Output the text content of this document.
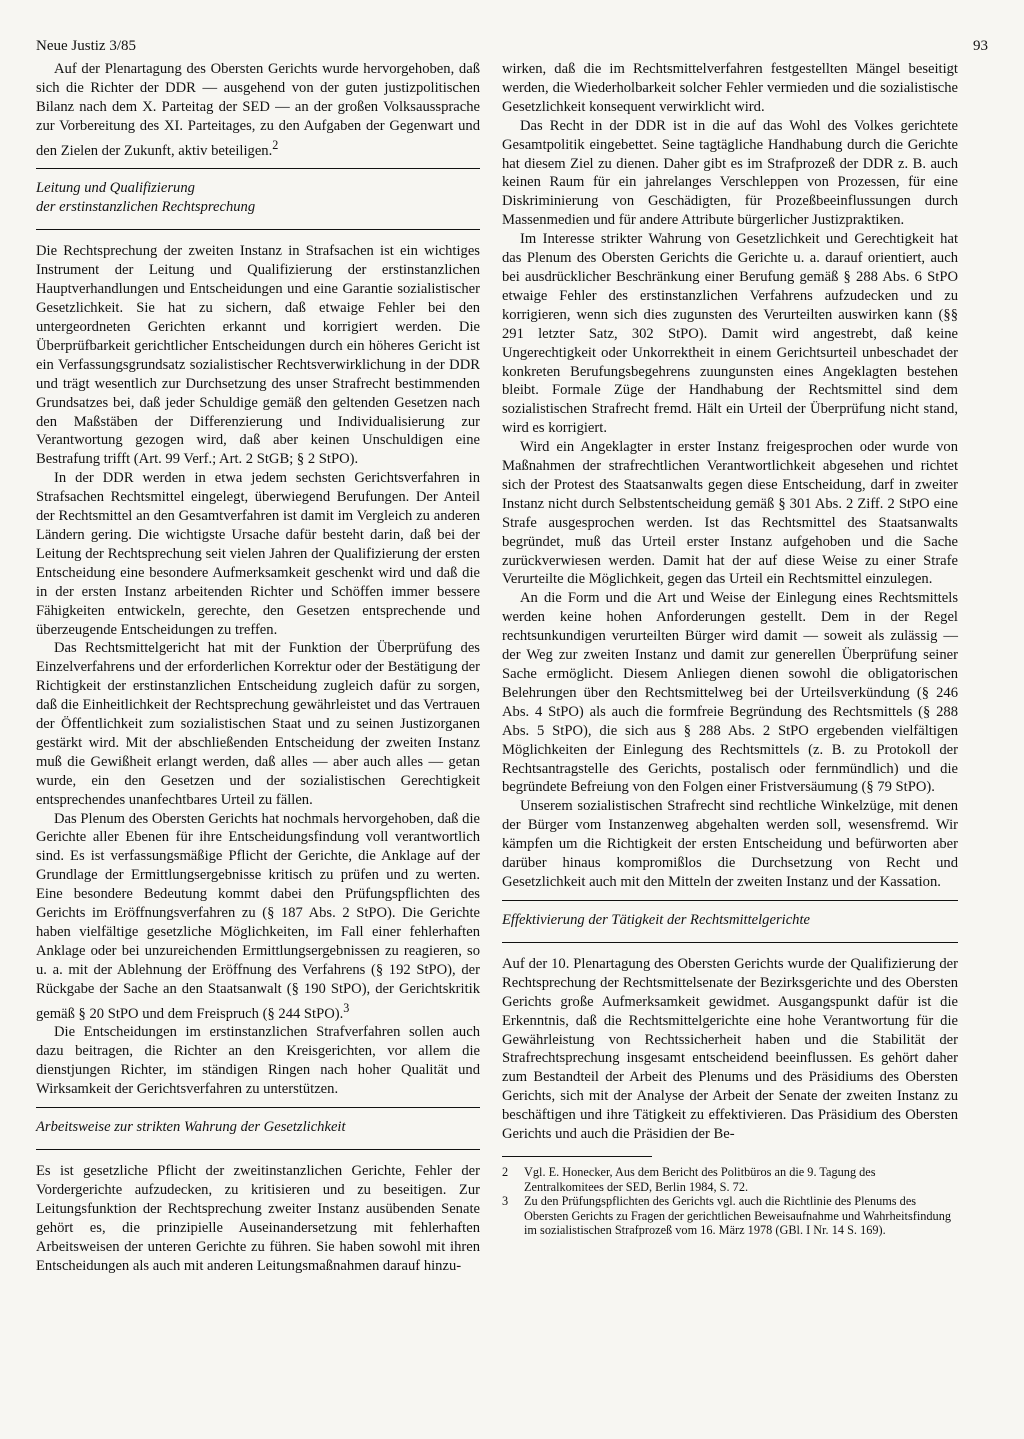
Neue Justiz 3/85	93

Auf der Plenartagung des Obersten Gerichts wurde hervorgehoben, daß sich die Richter der DDR — ausgehend von der guten justizpolitischen Bilanz nach dem X. Parteitag der SED — an der großen Volksaussprache zur Vorbereitung des XI. Parteitages, zu den Aufgaben der Gegenwart und den Zielen der Zukunft, aktiv beteiligen.$^2$

Leitung und Qualifizierung
der erstinstanzlichen Rechtsprechung

Die Rechtsprechung der zweiten Instanz in Strafsachen ist ein wichtiges Instrument der Leitung und Qualifizierung der erstinstanzlichen Hauptverhandlungen und Entscheidungen und eine Garantie sozialistischer Gesetzlichkeit. Sie hat zu sichern, daß etwaige Fehler bei den untergeordneten Gerichten erkannt und korrigiert werden. Die Überprüfbarkeit gerichtlicher Entscheidungen durch ein höheres Gericht ist ein Verfassungsgrundsatz sozialistischer Rechtsverwirklichung in der DDR und trägt wesentlich zur Durchsetzung des unser Strafrecht bestimmenden Grundsatzes bei, daß jeder Schuldige gemäß den geltenden Gesetzen nach den Maßstäben der Differenzierung und Individualisierung zur Verantwortung gezogen wird, daß aber keinen Unschuldigen eine Bestrafung trifft (Art. 99 Verf.; Art. 2 StGB; § 2 StPO).

In der DDR werden in etwa jedem sechsten Gerichtsverfahren in Strafsachen Rechtsmittel eingelegt, überwiegend Berufungen. Der Anteil der Rechtsmittel an den Gesamtverfahren ist damit im Vergleich zu anderen Ländern gering. Die wichtigste Ursache dafür besteht darin, daß bei der Leitung der Rechtsprechung seit vielen Jahren der Qualifizierung der ersten Entscheidung eine besondere Aufmerksamkeit geschenkt wird und daß die in der ersten Instanz arbeitenden Richter und Schöffen immer bessere Fähigkeiten entwickeln, gerechte, den Gesetzen entsprechende und überzeugende Entscheidungen zu treffen.

Das Rechtsmittelgericht hat mit der Funktion der Überprüfung des Einzelverfahrens und der erforderlichen Korrektur oder der Bestätigung der Richtigkeit der erstinstanzlichen Entscheidung zugleich dafür zu sorgen, daß die Einheitlichkeit der Rechtsprechung gewährleistet und das Vertrauen der Öffentlichkeit zum sozialistischen Staat und zu seinen Justizorganen gestärkt wird. Mit der abschließenden Entscheidung der zweiten Instanz muß die Gewißheit erlangt werden, daß alles — aber auch alles — getan wurde, ein den Gesetzen und der sozialistischen Gerechtigkeit entsprechendes unanfechtbares Urteil zu fällen.

Das Plenum des Obersten Gerichts hat nochmals hervorgehoben, daß die Gerichte aller Ebenen für ihre Entscheidungsfindung voll verantwortlich sind. Es ist verfassungsmäßige Pflicht der Gerichte, die Anklage auf der Grundlage der Ermittlungsergebnisse kritisch zu prüfen und zu werten. Eine besondere Bedeutung kommt dabei den Prüfungspflichten des Gerichts im Eröffnungsverfahren zu (§ 187 Abs. 2 StPO). Die Gerichte haben vielfältige gesetzliche Möglichkeiten, im Fall einer fehlerhaften Anklage oder bei unzureichenden Ermittlungsergebnissen zu reagieren, so u. a. mit der Ablehnung der Eröffnung des Verfahrens (§ 192 StPO), der Rückgabe der Sache an den Staatsanwalt (§ 190 StPO), der Gerichtskritik gemäß § 20 StPO und dem Freispruch (§ 244 StPO).$^3$

Die Entscheidungen im erstinstanzlichen Strafverfahren sollen auch dazu beitragen, die Richter an den Kreisgerichten, vor allem die dienstjungen Richter, im ständigen Ringen nach hoher Qualität und Wirksamkeit der Gerichtsverfahren zu unterstützen.

Arbeitsweise zur strikten Wahrung der Gesetzlichkeit

Es ist gesetzliche Pflicht der zweitinstanzlichen Gerichte, Fehler der Vordergerichte aufzudecken, zu kritisieren und zu beseitigen. Zur Leitungsfunktion der Rechtsprechung zweiter Instanz ausübenden Senate gehört es, die prinzipielle Auseinandersetzung mit fehlerhaften Arbeitsweisen der unteren Gerichte zu führen. Sie haben sowohl mit ihren Entscheidungen als auch mit anderen Leitungsmaßnahmen darauf hinzu-

wirken, daß die im Rechtsmittelverfahren festgestellten Mängel beseitigt werden, die Wiederholbarkeit solcher Fehler vermieden und die sozialistische Gesetzlichkeit konsequent verwirklicht wird.

Das Recht in der DDR ist in die auf das Wohl des Volkes gerichtete Gesamtpolitik eingebettet. Seine tagtägliche Handhabung durch die Gerichte hat diesem Ziel zu dienen. Daher gibt es im Strafprozeß der DDR z. B. auch keinen Raum für ein jahrelanges Verschleppen von Prozessen, für eine Diskriminierung von Geschädigten, für Prozeßbeeinflussungen durch Massenmedien und für andere Attribute bürgerlicher Justizpraktiken.

Im Interesse strikter Wahrung von Gesetzlichkeit und Gerechtigkeit hat das Plenum des Obersten Gerichts die Gerichte u. a. darauf orientiert, auch bei ausdrücklicher Beschränkung einer Berufung gemäß § 288 Abs. 6 StPO etwaige Fehler des erstinstanzlichen Verfahrens aufzudecken und zu korrigieren, wenn sich dies zugunsten des Verurteilten auswirken kann (§§ 291 letzter Satz, 302 StPO). Damit wird angestrebt, daß keine Ungerechtigkeit oder Unkorrektheit in einem Gerichtsurteil unbeschadet der konkreten Berufungsbegehrens zuungunsten eines Angeklagten bestehen bleibt. Formale Züge der Handhabung der Rechtsmittel sind dem sozialistischen Strafrecht fremd. Hält ein Urteil der Überprüfung nicht stand, wird es korrigiert.

Wird ein Angeklagter in erster Instanz freigesprochen oder wurde von Maßnahmen der strafrechtlichen Verantwortlichkeit abgesehen und richtet sich der Protest des Staatsanwalts gegen diese Entscheidung, darf in zweiter Instanz nicht durch Selbstentscheidung gemäß § 301 Abs. 2 Ziff. 2 StPO eine Strafe ausgesprochen werden. Ist das Rechtsmittel des Staatsanwalts begründet, muß das Urteil erster Instanz aufgehoben und die Sache zurückverwiesen werden. Damit hat der auf diese Weise zu einer Strafe Verurteilte die Möglichkeit, gegen das Urteil ein Rechtsmittel einzulegen.

An die Form und die Art und Weise der Einlegung eines Rechtsmittels werden keine hohen Anforderungen gestellt. Dem in der Regel rechtsunkundigen verurteilten Bürger wird damit — soweit als zulässig — der Weg zur zweiten Instanz und damit zur generellen Überprüfung seiner Sache ermöglicht. Diesem Anliegen dienen sowohl die obligatorischen Belehrungen über den Rechtsmittelweg bei der Urteilsverkündung (§ 246 Abs. 4 StPO) als auch die formfreie Begründung des Rechtsmittels (§ 288 Abs. 5 StPO), die sich aus § 288 Abs. 2 StPO ergebenden vielfältigen Möglichkeiten der Einlegung des Rechtsmittels (z. B. zu Protokoll der Rechtsantragstelle des Gerichts, postalisch oder fernmündlich) und die begründete Befreiung von den Folgen einer Fristversäumung (§ 79 StPO).

Unserem sozialistischen Strafrecht sind rechtliche Winkelzüge, mit denen der Bürger vom Instanzenweg abgehalten werden soll, wesensfremd. Wir kämpfen um die Richtigkeit der ersten Entscheidung und befürworten aber darüber hinaus kompromißlos die Durchsetzung von Recht und Gesetzlichkeit auch mit den Mitteln der zweiten Instanz und der Kassation.

Effektivierung der Tätigkeit der Rechtsmittelgerichte

Auf der 10. Plenartagung des Obersten Gerichts wurde der Qualifizierung der Rechtsprechung der Rechtsmittelsenate der Bezirksgerichte und des Obersten Gerichts große Aufmerksamkeit gewidmet. Ausgangspunkt dafür ist die Erkenntnis, daß die Rechtsmittelgerichte eine hohe Verantwortung für die Gewährleistung von Rechtssicherheit haben und die Stabilität der Strafrechtsprechung insgesamt entscheidend beeinflussen. Es gehört daher zum Bestandteil der Arbeit des Plenums und des Präsidiums des Obersten Gerichts, sich mit der Analyse der Arbeit der Senate der zweiten Instanz zu beschäftigen und ihre Tätigkeit zu effektivieren. Das Präsidium des Obersten Gerichts und auch die Präsidien der Be-

2	Vgl. E. Honecker, Aus dem Bericht des Politbüros an die 9. Tagung des Zentralkomitees der SED, Berlin 1984, S. 72.
3	Zu den Prüfungspflichten des Gerichts vgl. auch die Richtlinie des Plenums des Obersten Gerichts zu Fragen der gerichtlichen Beweisaufnahme und Wahrheitsfindung im sozialistischen Strafprozeß vom 16. März 1978 (GBl. I Nr. 14 S. 169).
